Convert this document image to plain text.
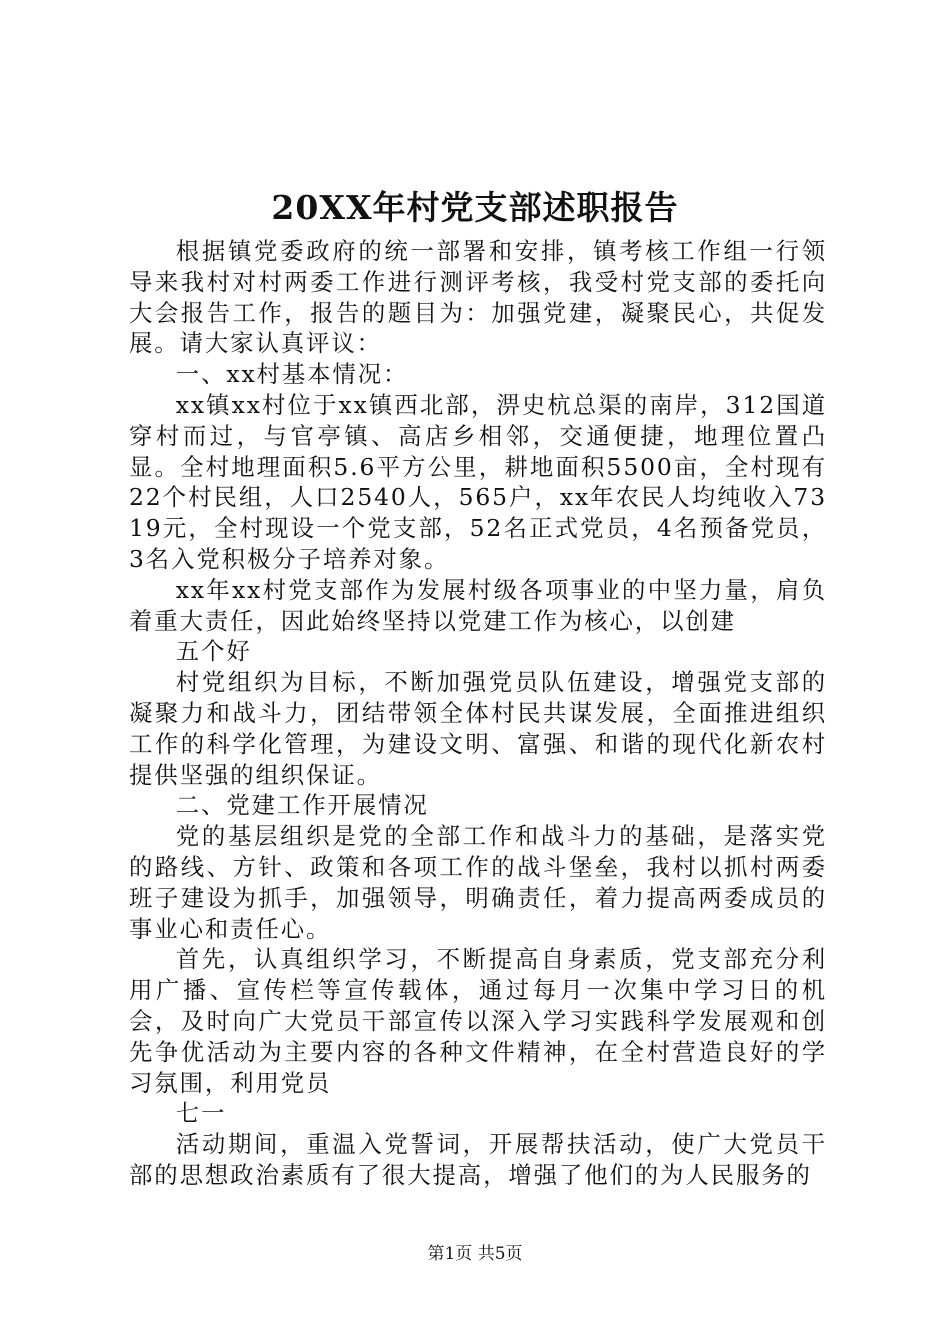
20XX年村党支部述职报告

根据镇党委政府的统一部署和安排，镇考核工作组一行领导来我村对村两委工作进行测评考核，我受村党支部的委托向大会报告工作，报告的题目为：加强党建，凝聚民心，共促发展。请大家认真评议：

一、xx村基本情况：

xx镇xx村位于xx镇西北部，淠史杭总渠的南岸，312国道穿村而过，与官亭镇、高店乡相邻，交通便捷，地理位置凸显。全村地理面积5.6平方公里，耕地面积5500亩，全村现有22个村民组，人口2540人，565户，xx年农民人均纯收入7319元，全村现设一个党支部，52名正式党员，4名预备党员，3名入党积极分子培养对象。

xx年xx村党支部作为发展村级各项事业的中坚力量，肩负着重大责任，因此始终坚持以党建工作为核心，以创建

五个好

村党组织为目标，不断加强党员队伍建设，增强党支部的凝聚力和战斗力，团结带领全体村民共谋发展，全面推进组织工作的科学化管理，为建设文明、富强、和谐的现代化新农村提供坚强的组织保证。

二、党建工作开展情况

党的基层组织是党的全部工作和战斗力的基础，是落实党的路线、方针、政策和各项工作的战斗堡垒，我村以抓村两委班子建设为抓手，加强领导，明确责任，着力提高两委成员的事业心和责任心。

首先，认真组织学习，不断提高自身素质，党支部充分利用广播、宣传栏等宣传载体，通过每月一次集中学习日的机会，及时向广大党员干部宣传以深入学习实践科学发展观和创先争优活动为主要内容的各种文件精神，在全村营造良好的学习氛围，利用党员

七一

活动期间，重温入党誓词，开展帮扶活动，使广大党员干部的思想政治素质有了很大提高，增强了他们的为人民服务的

第1页 共5页
